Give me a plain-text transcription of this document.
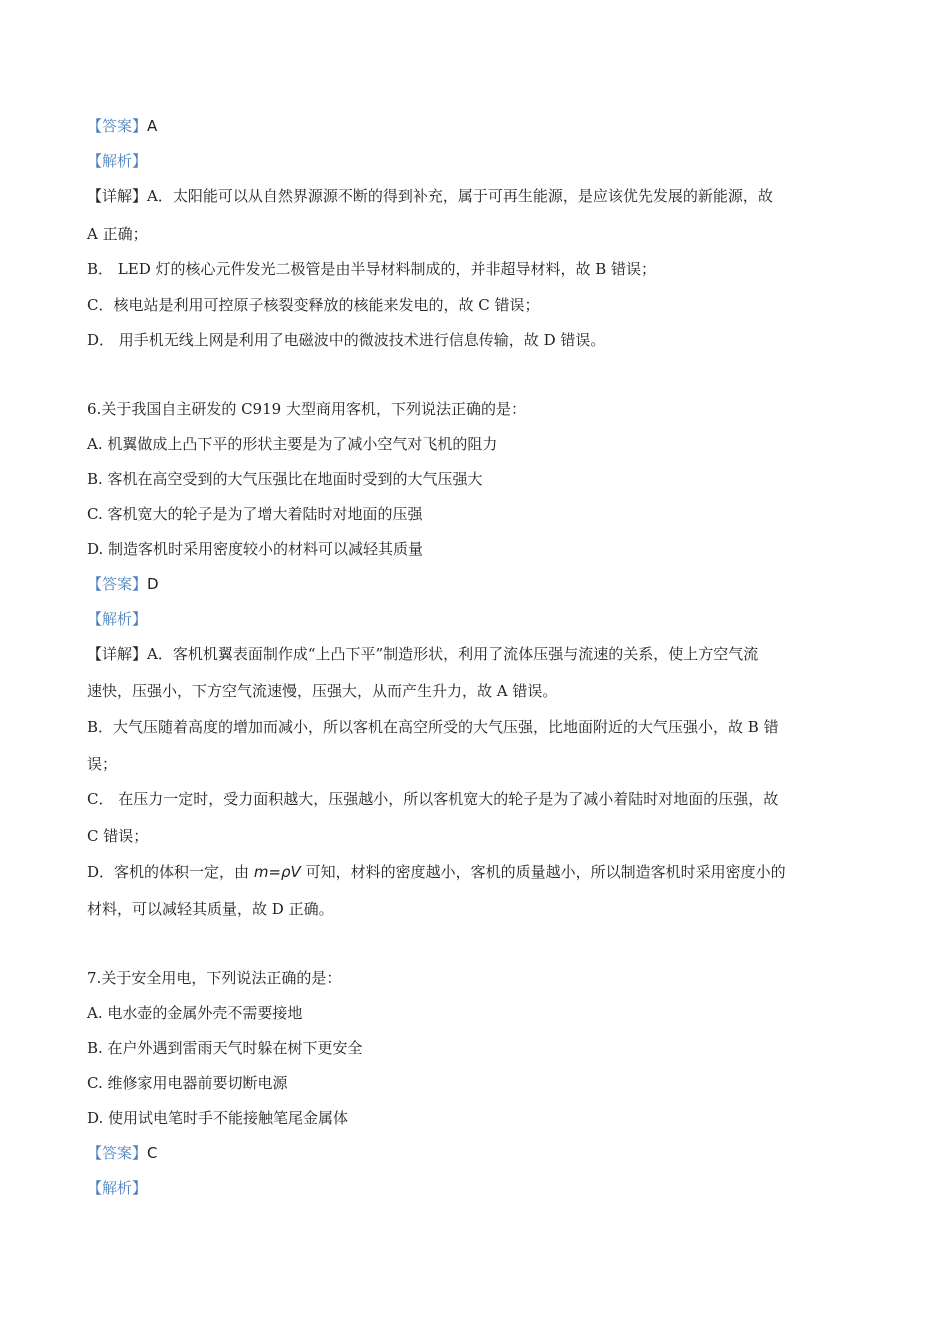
【答案】A
【解析】
【详解】A．太阳能可以从自然界源源不断的得到补充，属于可再生能源，是应该优先发展的新能源，故
A 正确；
B． LED 灯的核心元件发光二极管是由半导材料制成的，并非超导材料，故 B 错误；
C．核电站是利用可控原子核裂变释放的核能来发电的，故 C 错误；
D． 用手机无线上网是利用了电磁波中的微波技术进行信息传输，故 D 错误。
6.关于我国自主研发的 C919 大型商用客机，下列说法正确的是：
A. 机翼做成上凸下平的形状主要是为了减小空气对飞机的阻力
B. 客机在高空受到的大气压强比在地面时受到的大气压强大
C. 客机宽大的轮子是为了增大着陆时对地面的压强
D. 制造客机时采用密度较小的材料可以减轻其质量
【答案】D
【解析】
【详解】A．客机机翼表面制作成“上凸下平”制造形状，利用了流体压强与流速的关系，使上方空气流
速快，压强小，下方空气流速慢，压强大，从而产生升力，故 A 错误。
B．大气压随着高度的增加而减小，所以客机在高空所受的大气压强，比地面附近的大气压强小，故 B 错
误；
C． 在压力一定时，受力面积越大，压强越小，所以客机宽大的轮子是为了减小着陆时对地面的压强，故
C 错误；
D．客机的体积一定，由 m=ρV 可知，材料的密度越小，客机的质量越小，所以制造客机时采用密度小的
材料，可以减轻其质量，故 D 正确。
7.关于安全用电，下列说法正确的是：
A. 电水壶的金属外壳不需要接地
B. 在户外遇到雷雨天气时躲在树下更安全
C. 维修家用电器前要切断电源
D. 使用试电笔时手不能接触笔尾金属体
【答案】C
【解析】
